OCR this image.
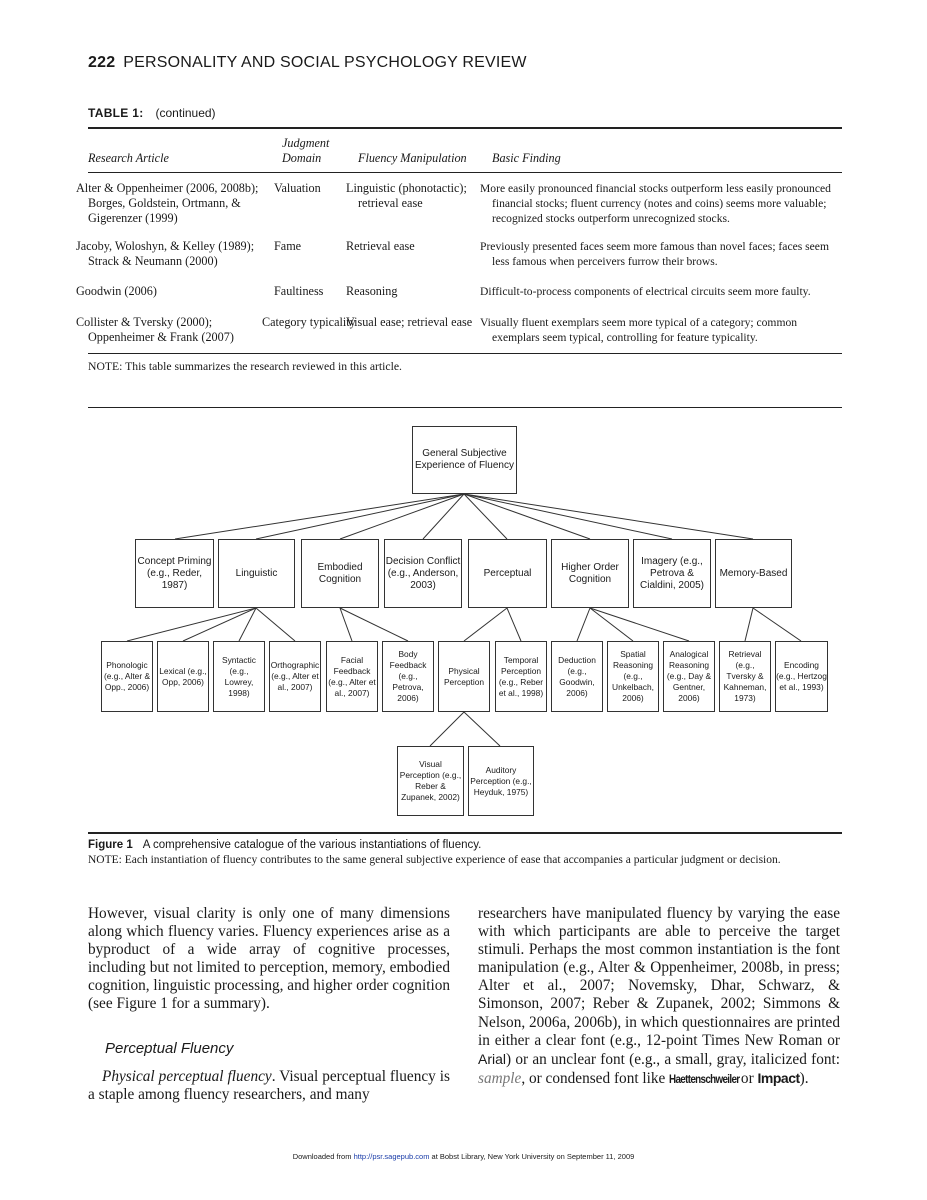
222 PERSONALITY AND SOCIAL PSYCHOLOGY REVIEW
TABLE 1: (continued)
Research Article	Judgment Domain	Fluency Manipulation	Basic Finding
Alter & Oppenheimer (2006, 2008b); Borges, Goldstein, Ortmann, & Gigerenzer (1999)	Valuation	Linguistic (phonotactic); retrieval ease	More easily pronounced financial stocks outperform less easily pronounced financial stocks; fluent currency (notes and coins) seems more valuable; recognized stocks outperform unrecognized stocks.
Jacoby, Woloshyn, & Kelley (1989); Strack & Neumann (2000)	Fame	Retrieval ease	Previously presented faces seem more famous than novel faces; faces seem less famous when perceivers furrow their brows.
Goodwin (2006)	Faultiness	Reasoning	Difficult-to-process components of electrical circuits seem more faulty.
Collister & Tversky (2000); Oppenheimer & Frank (2007)	Category typicality	Visual ease; retrieval ease	Visually fluent exemplars seem more typical of a category; common exemplars seem typical, controlling for feature typicality.
NOTE: This table summarizes the research reviewed in this article.
General Subjective Experience of Fluency
Concept Priming (e.g., Reder, 1987)
Linguistic
Embodied Cognition
Decision Conflict (e.g., Anderson, 2003)
Perceptual
Higher Order Cognition
Imagery (e.g., Petrova & Cialdini, 2005)
Memory-Based
Phonologic (e.g., Alter & Opp., 2006)
Lexical (e.g., Opp, 2006)
Syntactic (e.g., Lowrey, 1998)
Orthographic (e.g., Alter et al., 2007)
Facial Feedback (e.g., Alter et al., 2007)
Body Feedback (e.g., Petrova, 2006)
Physical Perception
Temporal Perception (e.g., Reber et al., 1998)
Deduction (e.g., Goodwin, 2006)
Spatial Reasoning (e.g., Unkelbach, 2006)
Analogical Reasoning (e.g., Day & Gentner, 2006)
Retrieval (e.g., Tversky & Kahneman, 1973)
Encoding (e.g., Hertzog et al., 1993)
Visual Perception (e.g., Reber & Zupanek, 2002)
Auditory Perception (e.g., Heyduk, 1975)
Figure 1 A comprehensive catalogue of the various instantiations of fluency.
NOTE: Each instantiation of fluency contributes to the same general subjective experience of ease that accompanies a particular judgment or decision.
However, visual clarity is only one of many dimensions along which fluency varies. Fluency experiences arise as a byproduct of a wide array of cognitive processes, including but not limited to perception, memory, embodied cognition, linguistic processing, and higher order cognition (see Figure 1 for a summary).
Perceptual Fluency
Physical perceptual fluency. Visual perceptual fluency is a staple among fluency researchers, and many
researchers have manipulated fluency by varying the ease with which participants are able to perceive the target stimuli. Perhaps the most common instantiation is the font manipulation (e.g., Alter & Oppenheimer, 2008b, in press; Alter et al., 2007; Novemsky, Dhar, Schwarz, & Simonson, 2007; Reber & Zupanek, 2002; Simmons & Nelson, 2006a, 2006b), in which questionnaires are printed in either a clear font (e.g., 12-point Times New Roman or Arial) or an unclear font (e.g., a small, gray, italicized font: sample, or condensed font like Haettenschweiler or Impact).
Downloaded from http://psr.sagepub.com at Bobst Library, New York University on September 11, 2009
